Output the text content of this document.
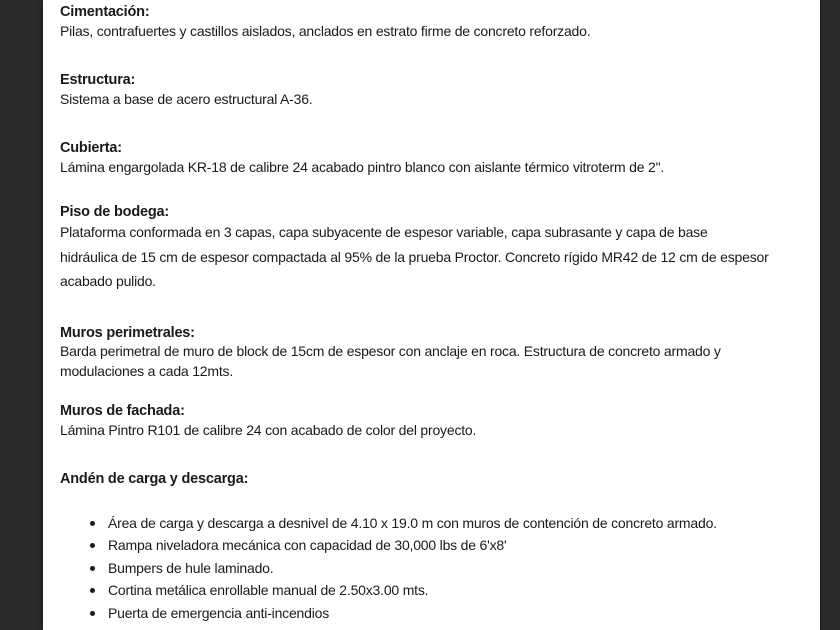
Cimentación:
Pilas, contrafuertes y castillos aislados, anclados en estrato firme de concreto reforzado.
Estructura:
Sistema a base de acero estructural A-36.
Cubierta:
Lámina engargolada KR-18 de calibre 24 acabado pintro blanco con aislante térmico vitroterm de 2".
Piso de bodega:
Plataforma conformada en 3 capas, capa subyacente de espesor variable, capa subrasante y capa de base
hidráulica de 15 cm de espesor compactada al 95% de la prueba Proctor. Concreto rígido MR42 de 12 cm de espesor
acabado pulido.
Muros perimetrales:
Barda perimetral de muro de block de 15cm de espesor con anclaje en roca. Estructura de concreto armado y
modulaciones a cada 12mts.
Muros de fachada:
Lámina Pintro R101 de calibre 24 con acabado de color del proyecto.
Andén de carga y descarga:
Área de carga y descarga a desnivel de 4.10 x 19.0 m con muros de contención de concreto armado.
Rampa niveladora mecánica con capacidad de 30,000 lbs de 6'x8'
Bumpers de hule laminado.
Cortina metálica enrollable manual de 2.50x3.00 mts.
Puerta de emergencia anti-incendios
